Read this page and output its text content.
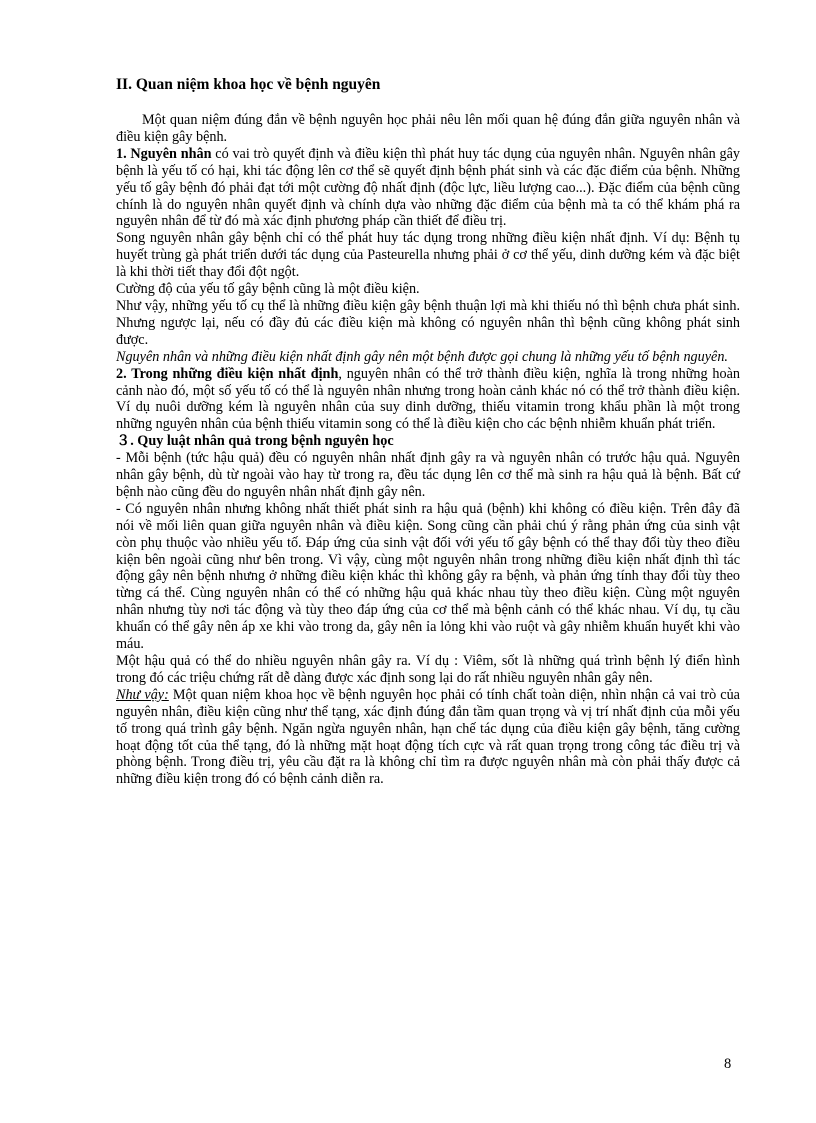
II. Quan niệm khoa học về bệnh nguyên

Một quan niệm đúng đắn về bệnh nguyên học phải nêu lên mối quan hệ đúng đắn giữa nguyên nhân và điều kiện gây bệnh.

1. Nguyên nhân có vai trò quyết định và điều kiện thì phát huy tác dụng của nguyên nhân. Nguyên nhân gây bệnh là yếu tố có hại, khi tác động lên cơ thể sẽ quyết định bệnh phát sinh và các đặc điểm của bệnh. Những yếu tố gây bệnh đó phải đạt tới một cường độ nhất định (độc lực, liều lượng cao...). Đặc điểm của bệnh cũng chính là do nguyên nhân quyết định và chính dựa vào những đặc điểm của bệnh mà ta có thể khám phá ra nguyên nhân để từ đó mà xác định phương pháp cần thiết để điều trị.

Song nguyên nhân gây bệnh chỉ có thể phát huy tác dụng trong những điều kiện nhất định. Ví dụ: Bệnh tụ huyết trùng gà phát triển dưới tác dụng của Pasteurella nhưng phải ở cơ thể yếu, dinh dưỡng kém và đặc biệt là khi thời tiết thay đổi đột ngột.

Cường độ của yếu tố gây bệnh cũng là một điều kiện.

Như vậy, những yếu tố cụ thể là những điều kiện gây bệnh thuận lợi mà khi thiếu nó thì bệnh chưa phát sinh. Nhưng ngược lại, nếu có đầy đủ các điều kiện mà không có nguyên nhân thì bệnh cũng không phát sinh được.

Nguyên nhân và những điều kiện nhất định gây nên một bệnh được gọi chung là những yếu tố bệnh nguyên.

2. Trong những điều kiện nhất định, nguyên nhân có thể trở thành điều kiện, nghĩa là trong những hoàn cảnh nào đó, một số yếu tố có thể là nguyên nhân nhưng trong hoàn cảnh khác nó có thể trở thành điều kiện. Ví dụ nuôi dưỡng kém là nguyên nhân của suy dinh dưỡng, thiếu vitamin trong khẩu phần là một trong những nguyên nhân của bệnh thiếu vitamin song có thể là điều kiện cho các bệnh nhiễm khuẩn phát triển.

３. Quy luật nhân quả trong bệnh nguyên học

- Mỗi bệnh (tức hậu quả) đều có nguyên nhân nhất định gây ra và nguyên nhân có trước hậu quả. Nguyên nhân gây bệnh, dù từ ngoài vào hay từ trong ra, đều tác dụng lên cơ thể mà sinh ra hậu quả là bệnh. Bất cứ bệnh nào cũng đều do nguyên nhân nhất định gây nên.

- Có nguyên nhân nhưng không nhất thiết phát sinh ra hậu quả (bệnh) khi không có điều kiện. Trên đây đã nói về mối liên quan giữa nguyên nhân và điều kiện. Song cũng cần phải chú ý rằng phản ứng của sinh vật còn phụ thuộc vào nhiều yếu tố. Đáp ứng của sinh vật đối với yếu tố gây bệnh có thể thay đổi tùy theo điều kiện bên ngoài cũng như bên trong. Vì vậy, cùng một nguyên nhân trong những điều kiện nhất định thì tác động gây nên bệnh nhưng ở những điều kiện khác thì không gây ra bệnh, và phản ứng tính thay đổi tùy theo từng cá thể. Cùng nguyên nhân có thể có những hậu quả khác nhau tùy theo điều kiện. Cùng một nguyên nhân nhưng tùy nơi tác động và tùy theo đáp ứng của cơ thể mà bệnh cảnh có thể khác nhau. Ví dụ, tụ cầu khuẩn có thể gây nên áp xe khi vào trong da, gây nên ỉa lỏng khi vào ruột và gây nhiễm khuẩn huyết khi vào máu.

Một hậu quả có thể do nhiều nguyên nhân gây ra. Ví dụ : Viêm, sốt là những quá trình bệnh lý điển hình trong đó các triệu chứng rất dễ dàng được xác định song lại do rất nhiều nguyên nhân gây nên.

Như vậy: Một quan niệm khoa học về bệnh nguyên học phải có tính chất toàn diện, nhìn nhận cả vai trò của nguyên nhân, điều kiện cũng như thể tạng, xác định đúng đắn tầm quan trọng và vị trí nhất định của mỗi yếu tố trong quá trình gây bệnh. Ngăn ngừa nguyên nhân, hạn chế tác dụng của điều kiện gây bệnh, tăng cường hoạt động tốt của thể tạng, đó là những mặt hoạt động tích cực và rất quan trọng trong công tác điều trị và phòng bệnh. Trong điều trị, yêu cầu đặt ra là không chỉ tìm ra được nguyên nhân mà còn phải thấy được cả những điều kiện trong đó có bệnh cảnh diễn ra.

8
